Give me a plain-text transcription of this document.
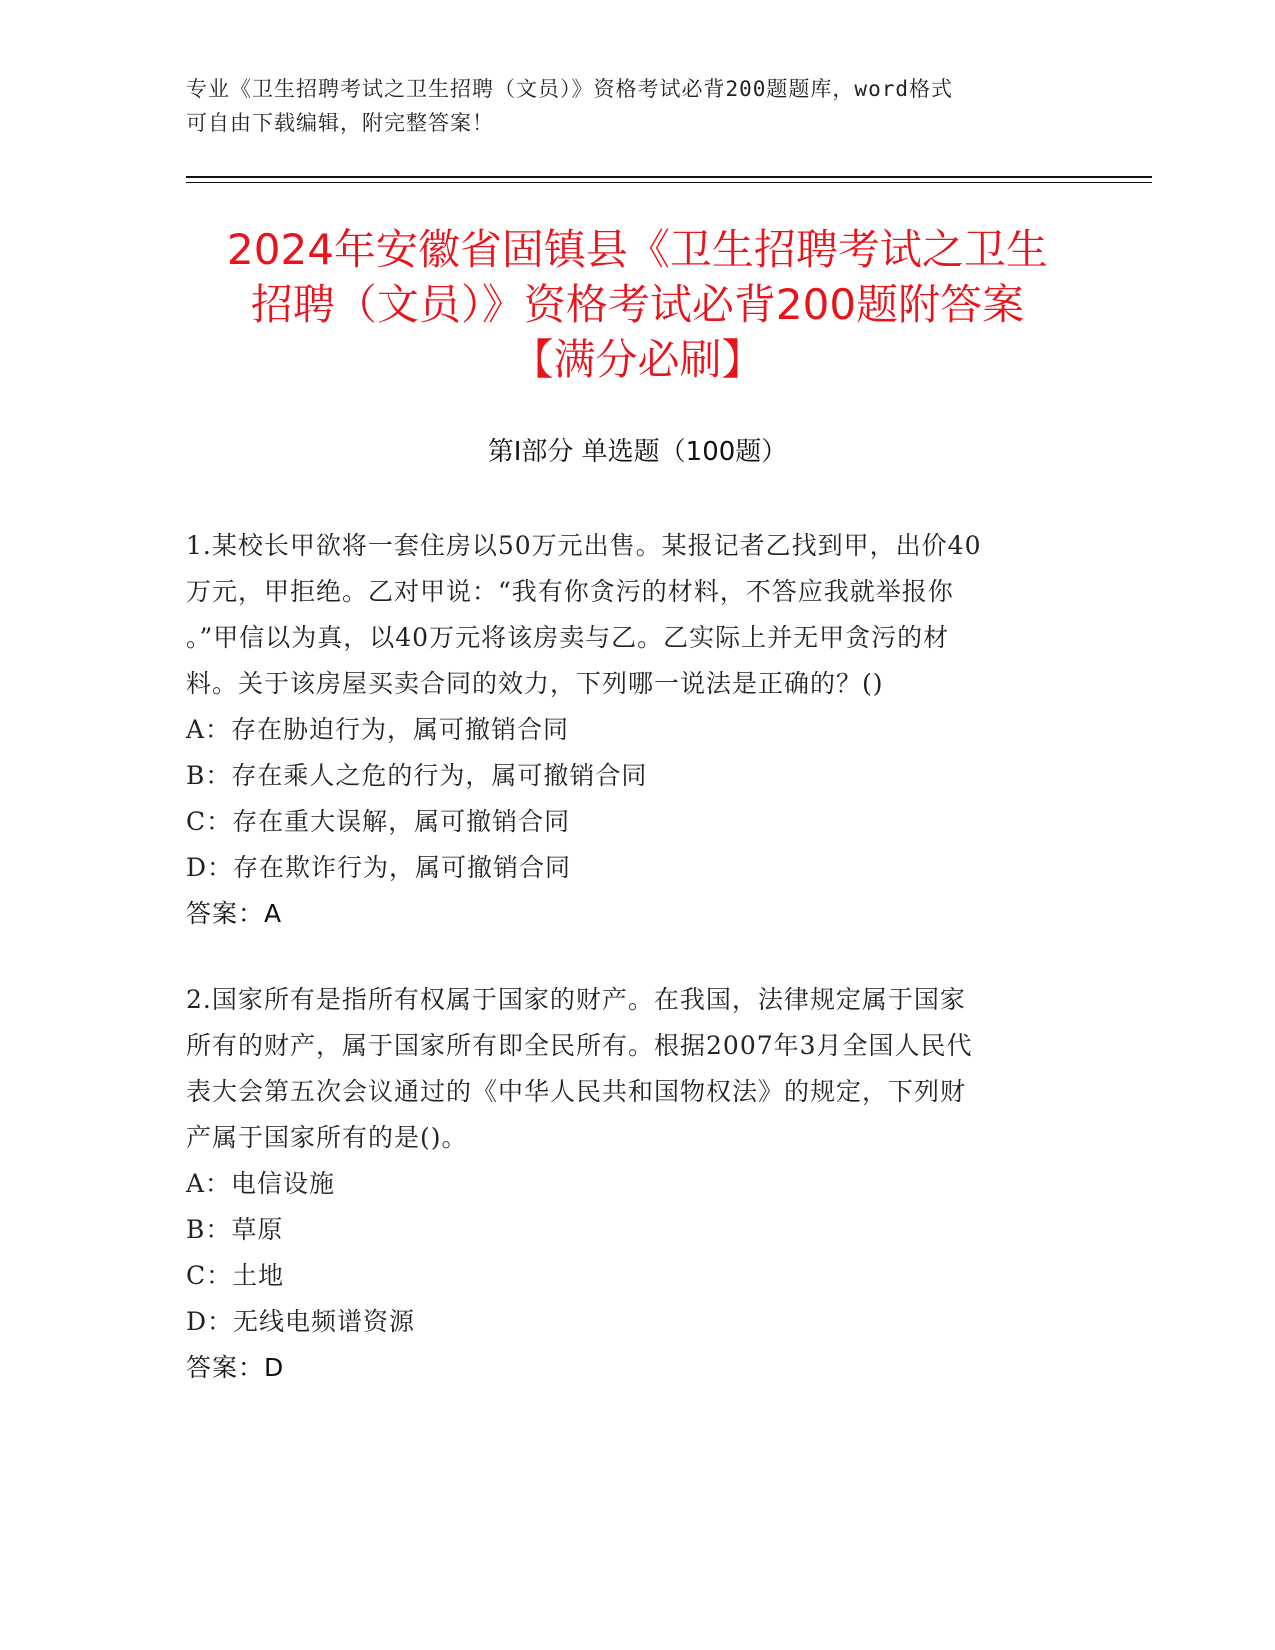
专业《卫生招聘考试之卫生招聘（文员）》资格考试必背200题题库，word格式
可自由下载编辑，附完整答案！
2024年安徽省固镇县《卫生招聘考试之卫生
招聘（文员）》资格考试必背200题附答案
【满分必刷】
第Ⅰ部分 单选题（100题）
1.某校长甲欲将一套住房以50万元出售。某报记者乙找到甲，出价40
万元，甲拒绝。乙对甲说：“我有你贪污的材料，不答应我就举报你
。”甲信以为真，以40万元将该房卖与乙。乙实际上并无甲贪污的材
料。关于该房屋买卖合同的效力，下列哪一说法是正确的？()
A：存在胁迫行为，属可撤销合同
B：存在乘人之危的行为，属可撤销合同
C：存在重大误解，属可撤销合同
D：存在欺诈行为，属可撤销合同
答案：A
2.国家所有是指所有权属于国家的财产。在我国，法律规定属于国家
所有的财产，属于国家所有即全民所有。根据2007年3月全国人民代
表大会第五次会议通过的《中华人民共和国物权法》的规定，下列财
产属于国家所有的是()。
A：电信设施
B：草原
C：土地
D：无线电频谱资源
答案：D
